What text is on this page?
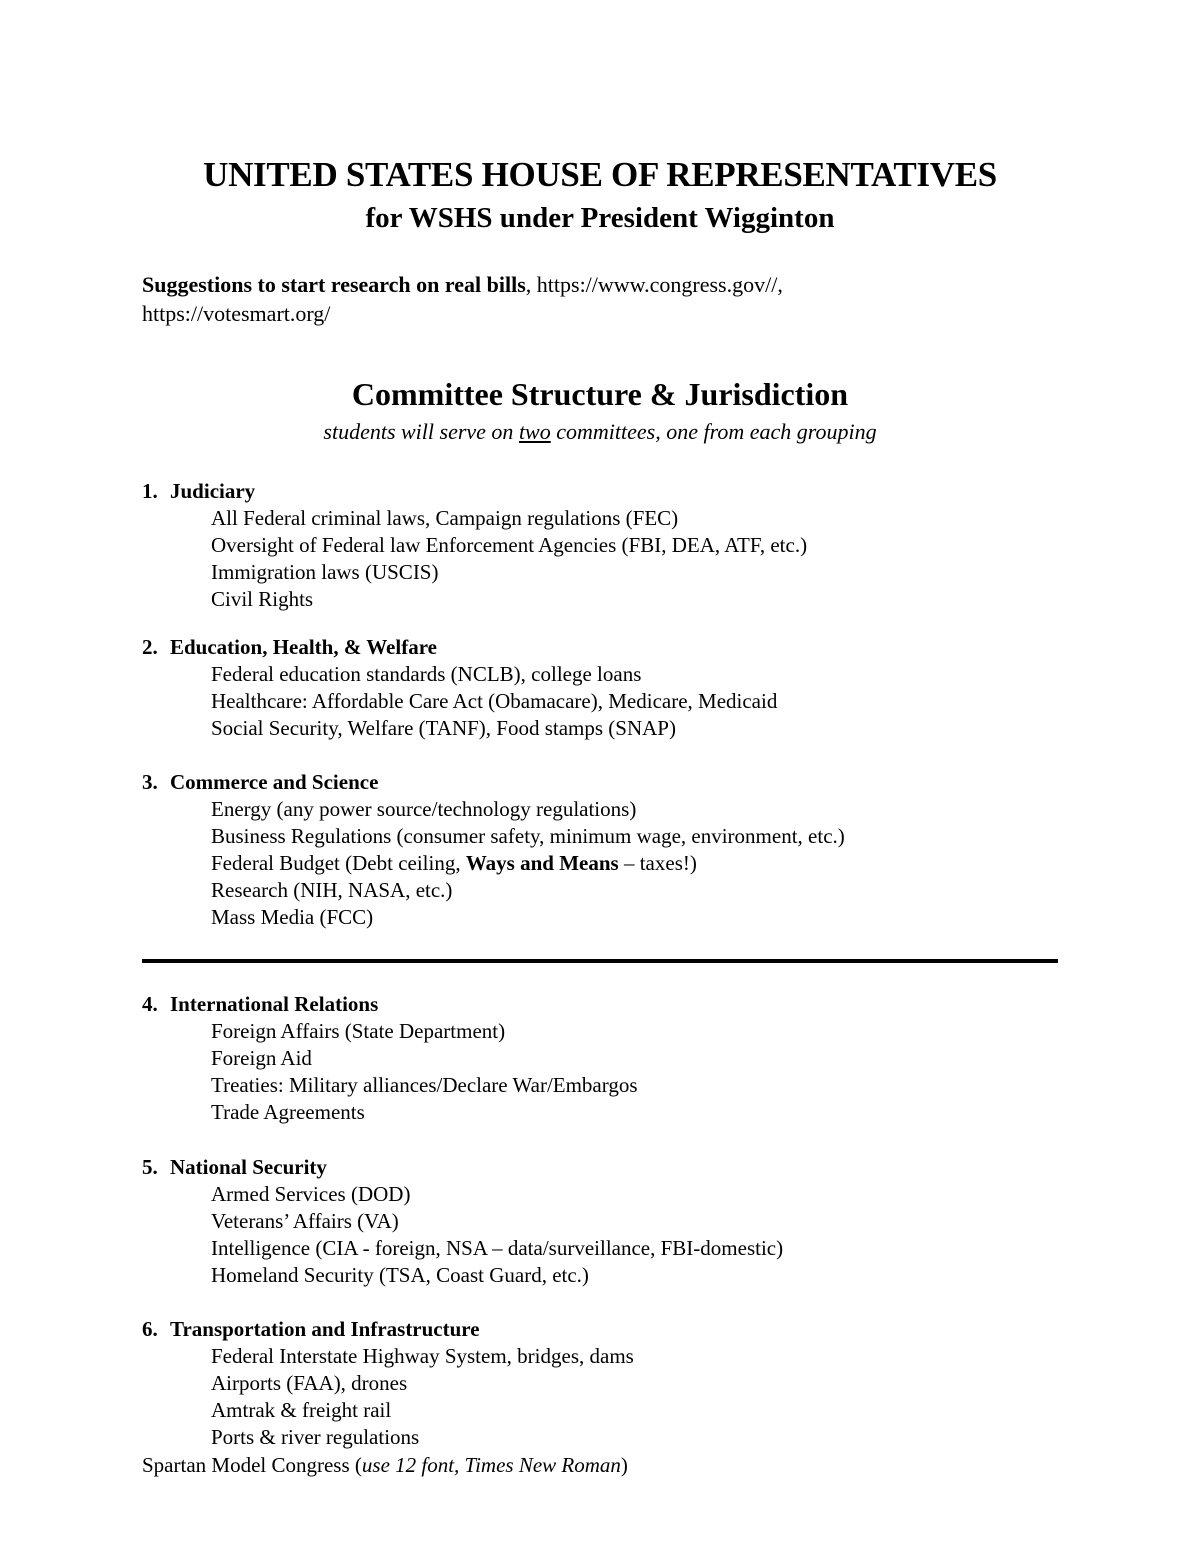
UNITED STATES HOUSE OF REPRESENTATIVES
for WSHS under President Wigginton
Suggestions to start research on real bills, https://www.congress.gov//,
https://votesmart.org/
Committee Structure & Jurisdiction
students will serve on two committees, one from each grouping
1. Judiciary
All Federal criminal laws, Campaign regulations (FEC)
Oversight of Federal law Enforcement Agencies (FBI, DEA, ATF, etc.)
Immigration laws (USCIS)
Civil Rights
2. Education, Health, & Welfare
Federal education standards (NCLB), college loans
Healthcare: Affordable Care Act (Obamacare), Medicare, Medicaid
Social Security, Welfare (TANF), Food stamps (SNAP)
3. Commerce and Science
Energy (any power source/technology regulations)
Business Regulations (consumer safety, minimum wage, environment, etc.)
Federal Budget (Debt ceiling, Ways and Means – taxes!)
Research (NIH, NASA, etc.)
Mass Media (FCC)
4. International Relations
Foreign Affairs (State Department)
Foreign Aid
Treaties: Military alliances/Declare War/Embargos
Trade Agreements
5. National Security
Armed Services (DOD)
Veterans’ Affairs (VA)
Intelligence (CIA - foreign, NSA – data/surveillance, FBI-domestic)
Homeland Security (TSA, Coast Guard, etc.)
6. Transportation and Infrastructure
Federal Interstate Highway System, bridges, dams
Airports (FAA), drones
Amtrak & freight rail
Ports & river regulations
Spartan Model Congress (use 12 font, Times New Roman)
